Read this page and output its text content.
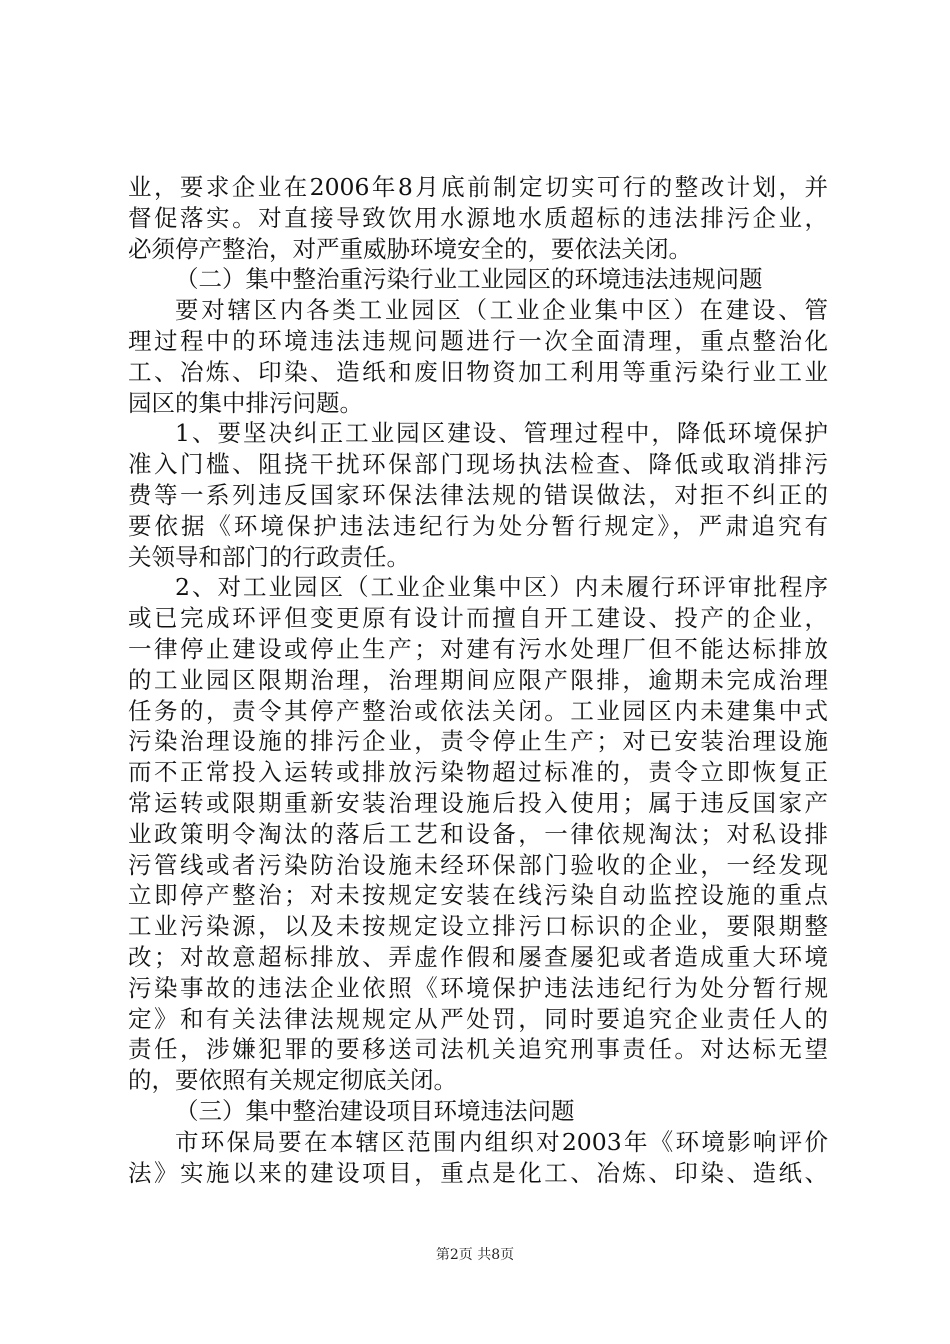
业，要求企业在2006年8月底前制定切实可行的整改计划，并
督促落实。对直接导致饮用水源地水质超标的违法排污企业，
必须停产整治，对严重威胁环境安全的，要依法关闭。
（二）集中整治重污染行业工业园区的环境违法违规问题
要对辖区内各类工业园区（工业企业集中区）在建设、管
理过程中的环境违法违规问题进行一次全面清理，重点整治化
工、冶炼、印染、造纸和废旧物资加工利用等重污染行业工业
园区的集中排污问题。
1、要坚决纠正工业园区建设、管理过程中，降低环境保护
准入门槛、阻挠干扰环保部门现场执法检查、降低或取消排污
费等一系列违反国家环保法律法规的错误做法，对拒不纠正的
要依据《环境保护违法违纪行为处分暂行规定》，严肃追究有
关领导和部门的行政责任。
2、对工业园区（工业企业集中区）内未履行环评审批程序
或已完成环评但变更原有设计而擅自开工建设、投产的企业，
一律停止建设或停止生产；对建有污水处理厂但不能达标排放
的工业园区限期治理，治理期间应限产限排，逾期未完成治理
任务的，责令其停产整治或依法关闭。工业园区内未建集中式
污染治理设施的排污企业，责令停止生产；对已安装治理设施
而不正常投入运转或排放污染物超过标准的，责令立即恢复正
常运转或限期重新安装治理设施后投入使用；属于违反国家产
业政策明令淘汰的落后工艺和设备，一律依规淘汰；对私设排
污管线或者污染防治设施未经环保部门验收的企业，一经发现
立即停产整治；对未按规定安装在线污染自动监控设施的重点
工业污染源，以及未按规定设立排污口标识的企业，要限期整
改；对故意超标排放、弄虚作假和屡查屡犯或者造成重大环境
污染事故的违法企业依照《环境保护违法违纪行为处分暂行规
定》和有关法律法规规定从严处罚，同时要追究企业责任人的
责任，涉嫌犯罪的要移送司法机关追究刑事责任。对达标无望
的，要依照有关规定彻底关闭。
（三）集中整治建设项目环境违法问题
市环保局要在本辖区范围内组织对2003年《环境影响评价
法》实施以来的建设项目，重点是化工、冶炼、印染、造纸、
第2页 共8页
